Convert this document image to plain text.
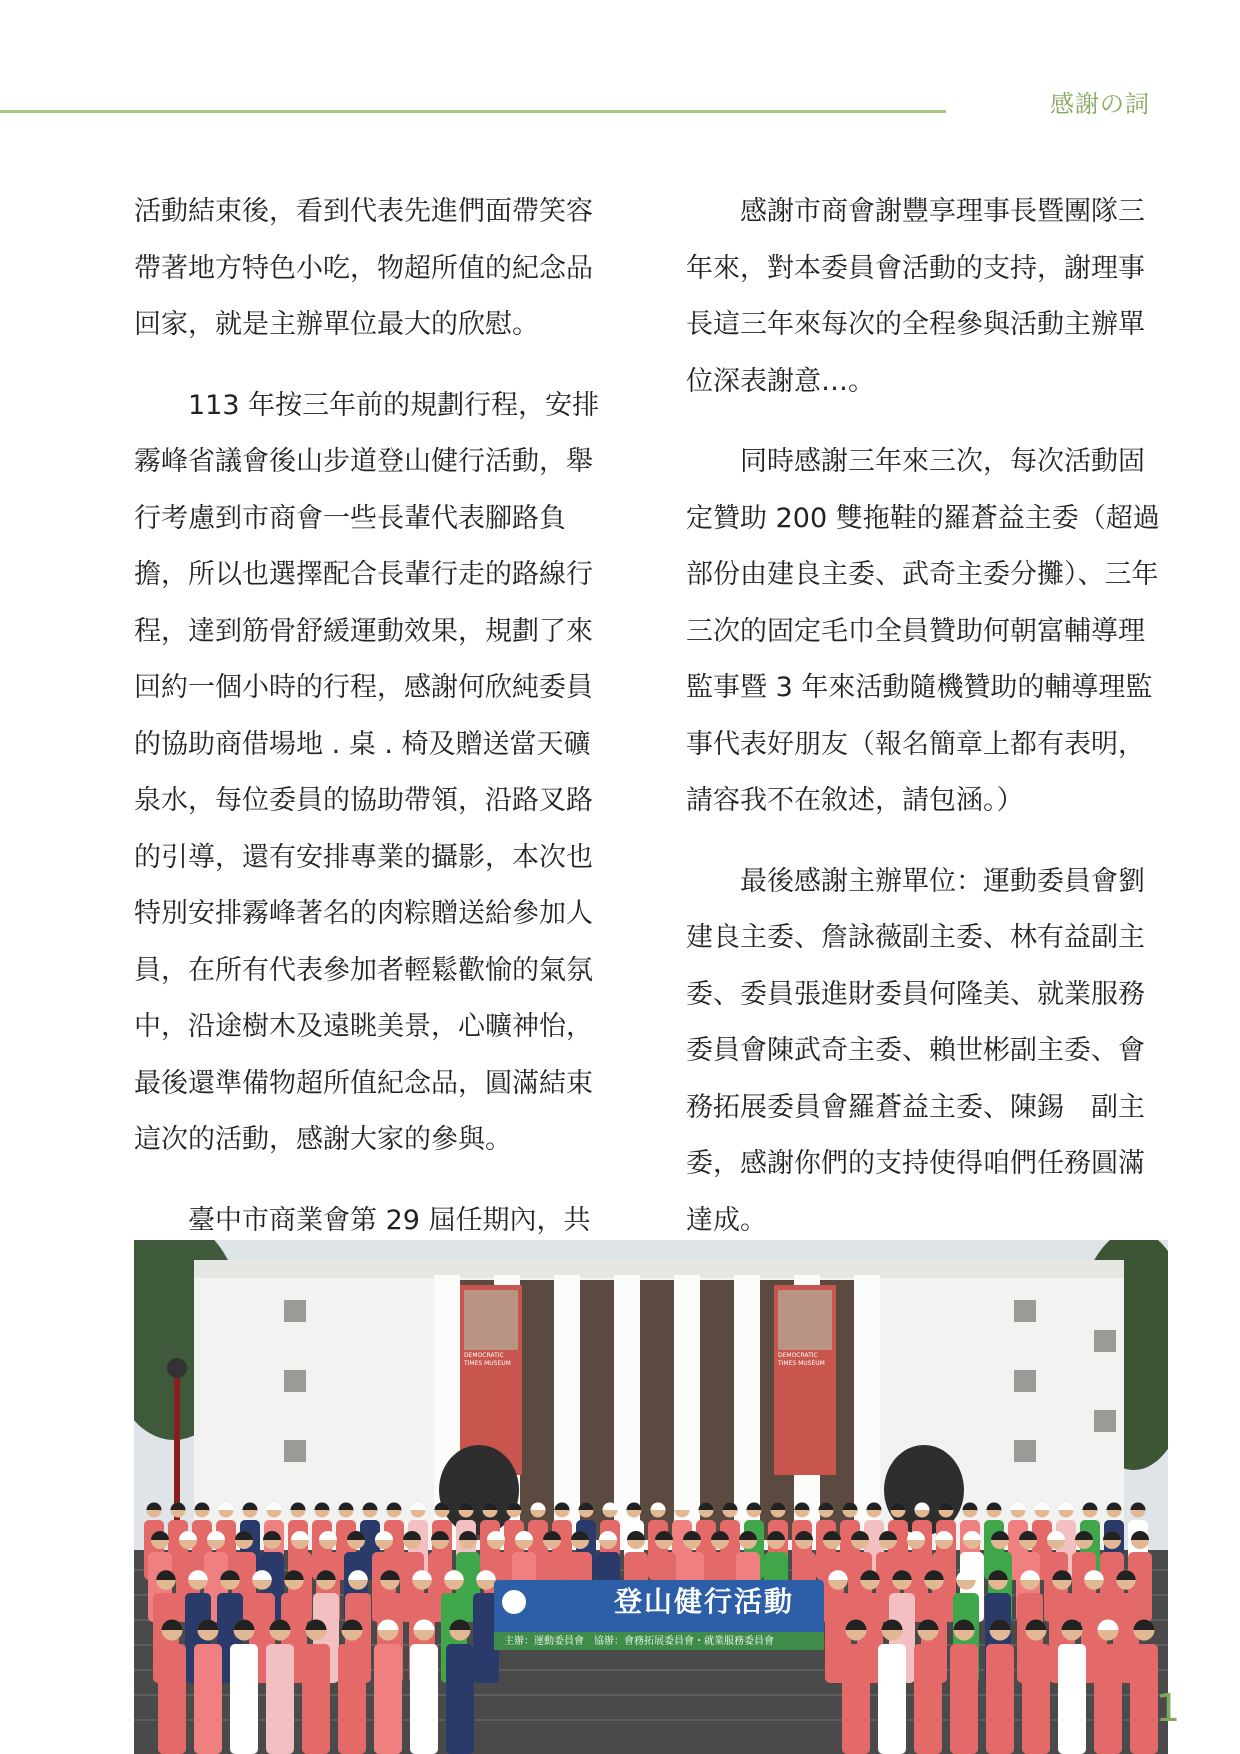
感謝の詞

活動結束後，看到代表先進們面帶笑容帶著地方特色小吃，物超所值的紀念品回家，就是主辦單位最大的欣慰。

113 年按三年前的規劃行程，安排霧峰省議會後山步道登山健行活動，舉行考慮到市商會一些長輩代表腳路負擔，所以也選擇配合長輩行走的路線行程，達到筋骨舒緩運動效果，規劃了來回約一個小時的行程，感謝何欣純委員的協助商借場地 . 桌 . 椅及贈送當天礦泉水，每位委員的協助帶領，沿路叉路的引導，還有安排專業的攝影，本次也特別安排霧峰著名的肉粽贈送給參加人員，在所有代表參加者輕鬆歡愉的氣氛中，沿途樹木及遠眺美景，心曠神怡，最後還準備物超所值紀念品，圓滿結束這次的活動，感謝大家的參與。

臺中市商業會第 29 屆任期內，共

感謝市商會謝豐享理事長暨團隊三年來，對本委員會活動的支持，謝理事長這三年來每次的全程參與活動主辦單位深表謝意…。

同時感謝三年來三次，每次活動固定贊助 200 雙拖鞋的羅蒼益主委（超過部份由建良主委、武奇主委分攤）、三年三次的固定毛巾全員贊助何朝富輔導理監事暨 3 年來活動隨機贊助的輔導理監事代表好朋友（報名簡章上都有表明，請容我不在敘述，請包涵。）

最後感謝主辦單位：運動委員會劉建良主委、詹詠薇副主委、林有益副主委、委員張進財委員何隆美、就業服務委員會陳武奇主委、賴世彬副主委、會務拓展委員會羅蒼益主委、陳錫　副主委，感謝你們的支持使得咱們任務圓滿達成。

登山健行活動
主辦：運動委員會　協辦：會務拓展委員會・就業服務委員會
DEMOCRATIC TIMES MUSEUM
DEMOCRATIC TIMES MUSEUM
1
